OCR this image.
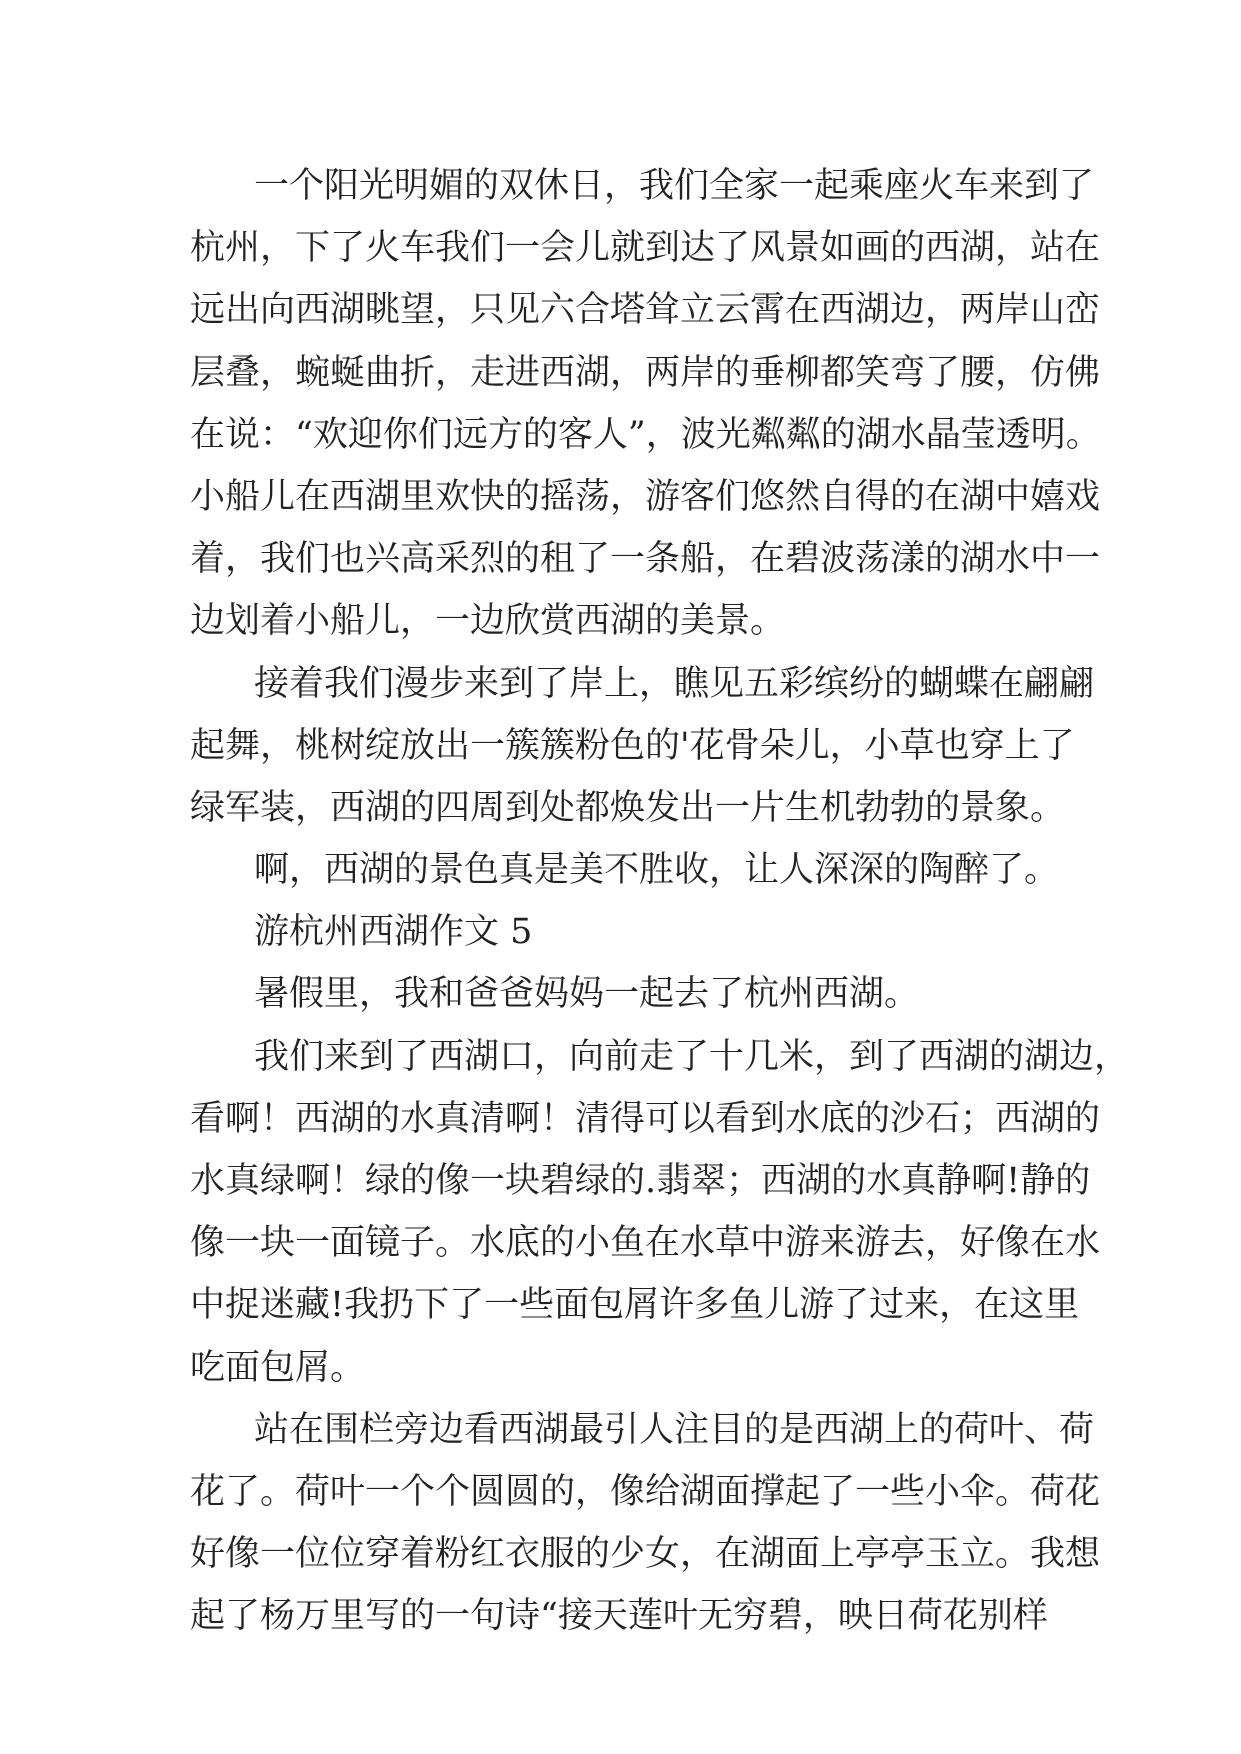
一个阳光明媚的双休日，我们全家一起乘座火车来到了
杭州，下了火车我们一会儿就到达了风景如画的西湖，站在
远出向西湖眺望，只见六合塔耸立云霄在西湖边，两岸山峦
层叠，蜿蜒曲折，走进西湖，两岸的垂柳都笑弯了腰，仿佛
在说：“欢迎你们远方的客人”，波光粼粼的湖水晶莹透明。
小船儿在西湖里欢快的摇荡，游客们悠然自得的在湖中嬉戏
着，我们也兴高采烈的租了一条船，在碧波荡漾的湖水中一
边划着小船儿，一边欣赏西湖的美景。
接着我们漫步来到了岸上，瞧见五彩缤纷的蝴蝶在翩翩
起舞，桃树绽放出一簇簇粉色的'花骨朵儿，小草也穿上了
绿军装，西湖的四周到处都焕发出一片生机勃勃的景象。
啊，西湖的景色真是美不胜收，让人深深的陶醉了。
游杭州西湖作文 5
暑假里，我和爸爸妈妈一起去了杭州西湖。
我们来到了西湖口，向前走了十几米，到了西湖的湖边，
看啊！西湖的水真清啊！清得可以看到水底的沙石；西湖的
水真绿啊！绿的像一块碧绿的.翡翠；西湖的水真静啊!静的
像一块一面镜子。水底的小鱼在水草中游来游去，好像在水
中捉迷藏!我扔下了一些面包屑许多鱼儿游了过来，在这里
吃面包屑。
站在围栏旁边看西湖最引人注目的是西湖上的荷叶、荷
花了。荷叶一个个圆圆的，像给湖面撑起了一些小伞。荷花
好像一位位穿着粉红衣服的少女，在湖面上亭亭玉立。我想
起了杨万里写的一句诗“接天莲叶无穷碧，映日荷花别样
